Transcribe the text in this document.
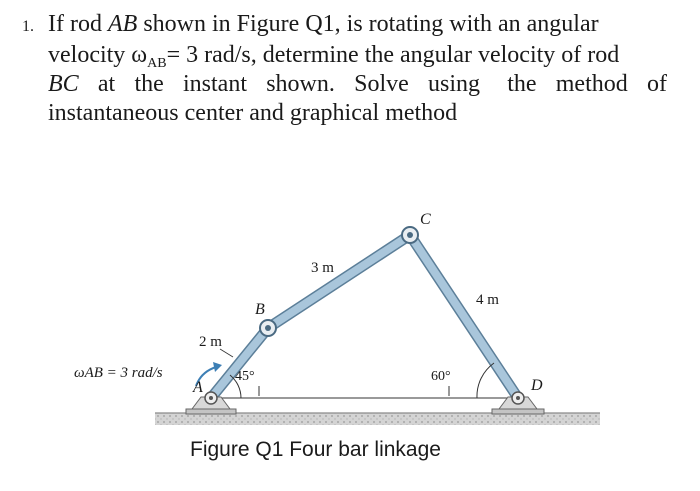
1. If rod AB shown in Figure Q1, is rotating with an angular
velocity $\omega_{AB}= 3$ rad/s, determine the angular velocity of rod
BC at the instant shown. Solve using the method of
instantaneous center and graphical method
A
B
C
D
2 m
3 m
4 m
45°	60°
ωAB = 3 rad/s
Figure Q1 Four bar linkage
